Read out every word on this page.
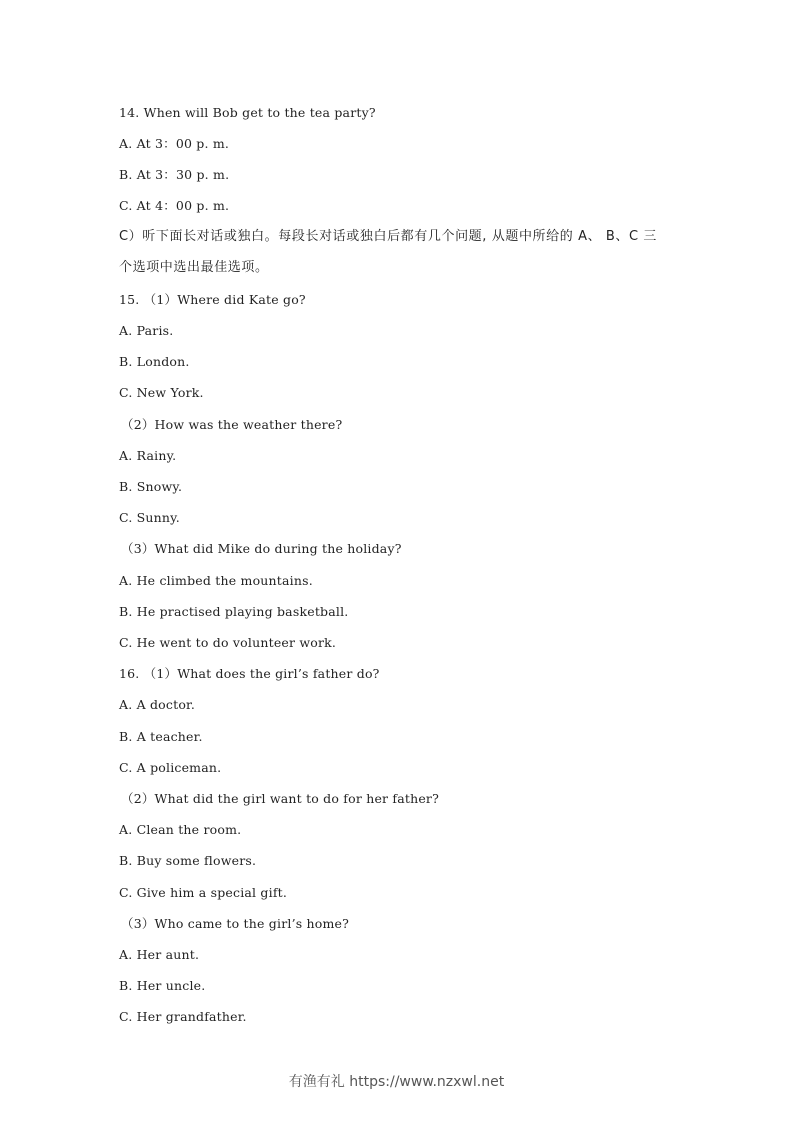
14. When will Bob get to the tea party?
A. At 3：00 p. m.
B. At 3：30 p. m.
C. At 4：00 p. m.
C）听下面长对话或独白。每段长对话或独白后都有几个问题, 从题中所给的 A、 B、C 三
个选项中选出最佳选项。
15. （1）Where did Kate go?
A. Paris.
B. London.
C. New York.
（2）How was the weather there?
A. Rainy.
B. Snowy.
C. Sunny.
（3）What did Mike do during the holiday?
A. He climbed the mountains.
B. He practised playing basketball.
C. He went to do volunteer work.
16. （1）What does the girl’s father do?
A. A doctor.
B. A teacher.
C. A policeman.
（2）What did the girl want to do for her father?
A. Clean the room.
B. Buy some flowers.
C. Give him a special gift.
（3）Who came to the girl’s home?
A. Her aunt.
B. Her uncle.
C. Her grandfather.
有渔有礼 https://www.nzxwl.net
